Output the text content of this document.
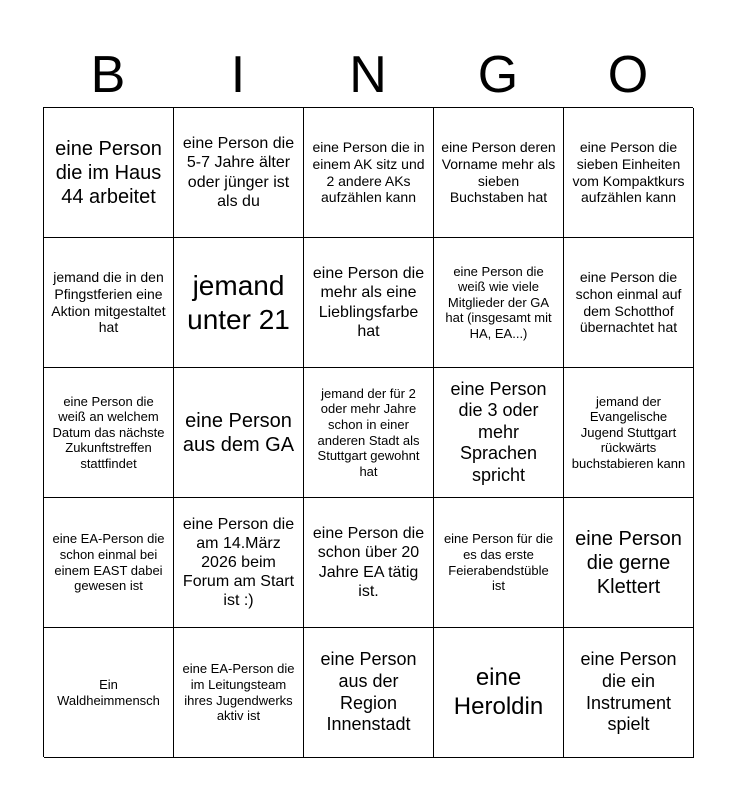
B	I	N	G	O
eine Person die im Haus 44 arbeitet
eine Person die 5-7 Jahre älter oder jünger ist als du
eine Person die in einem AK sitz und 2 andere AKs aufzählen kann
eine Person deren Vorname mehr als sieben Buchstaben hat
eine Person die sieben Einheiten vom Kompaktkurs aufzählen kann
jemand die in den Pfingstferien eine Aktion mitgestaltet hat
jemand unter 21
eine Person die mehr als eine Lieblingsfarbe hat
eine Person die weiß wie viele Mitglieder der GA hat (insgesamt mit HA, EA...)
eine Person die schon einmal auf dem Schotthof übernachtet hat
eine Person die weiß an welchem Datum das nächste Zukunftstreffen stattfindet
eine Person aus dem GA
jemand der für 2 oder mehr Jahre schon in einer anderen Stadt als Stuttgart gewohnt hat
eine Person die 3 oder mehr Sprachen spricht
jemand der Evangelische Jugend Stuttgart rückwärts buchstabieren kann
eine EA-Person die schon einmal bei einem EAST dabei gewesen ist
eine Person die am 14.März 2026 beim Forum am Start ist :)
eine Person die schon über 20 Jahre EA tätig ist.
eine Person für die es das erste Feierabendstüble ist
eine Person die gerne Klettert
Ein Waldheimmensch
eine EA-Person die im Leitungsteam ihres Jugendwerks aktiv ist
eine Person aus der Region Innenstadt
eine Heroldin
eine Person die ein Instrument spielt
